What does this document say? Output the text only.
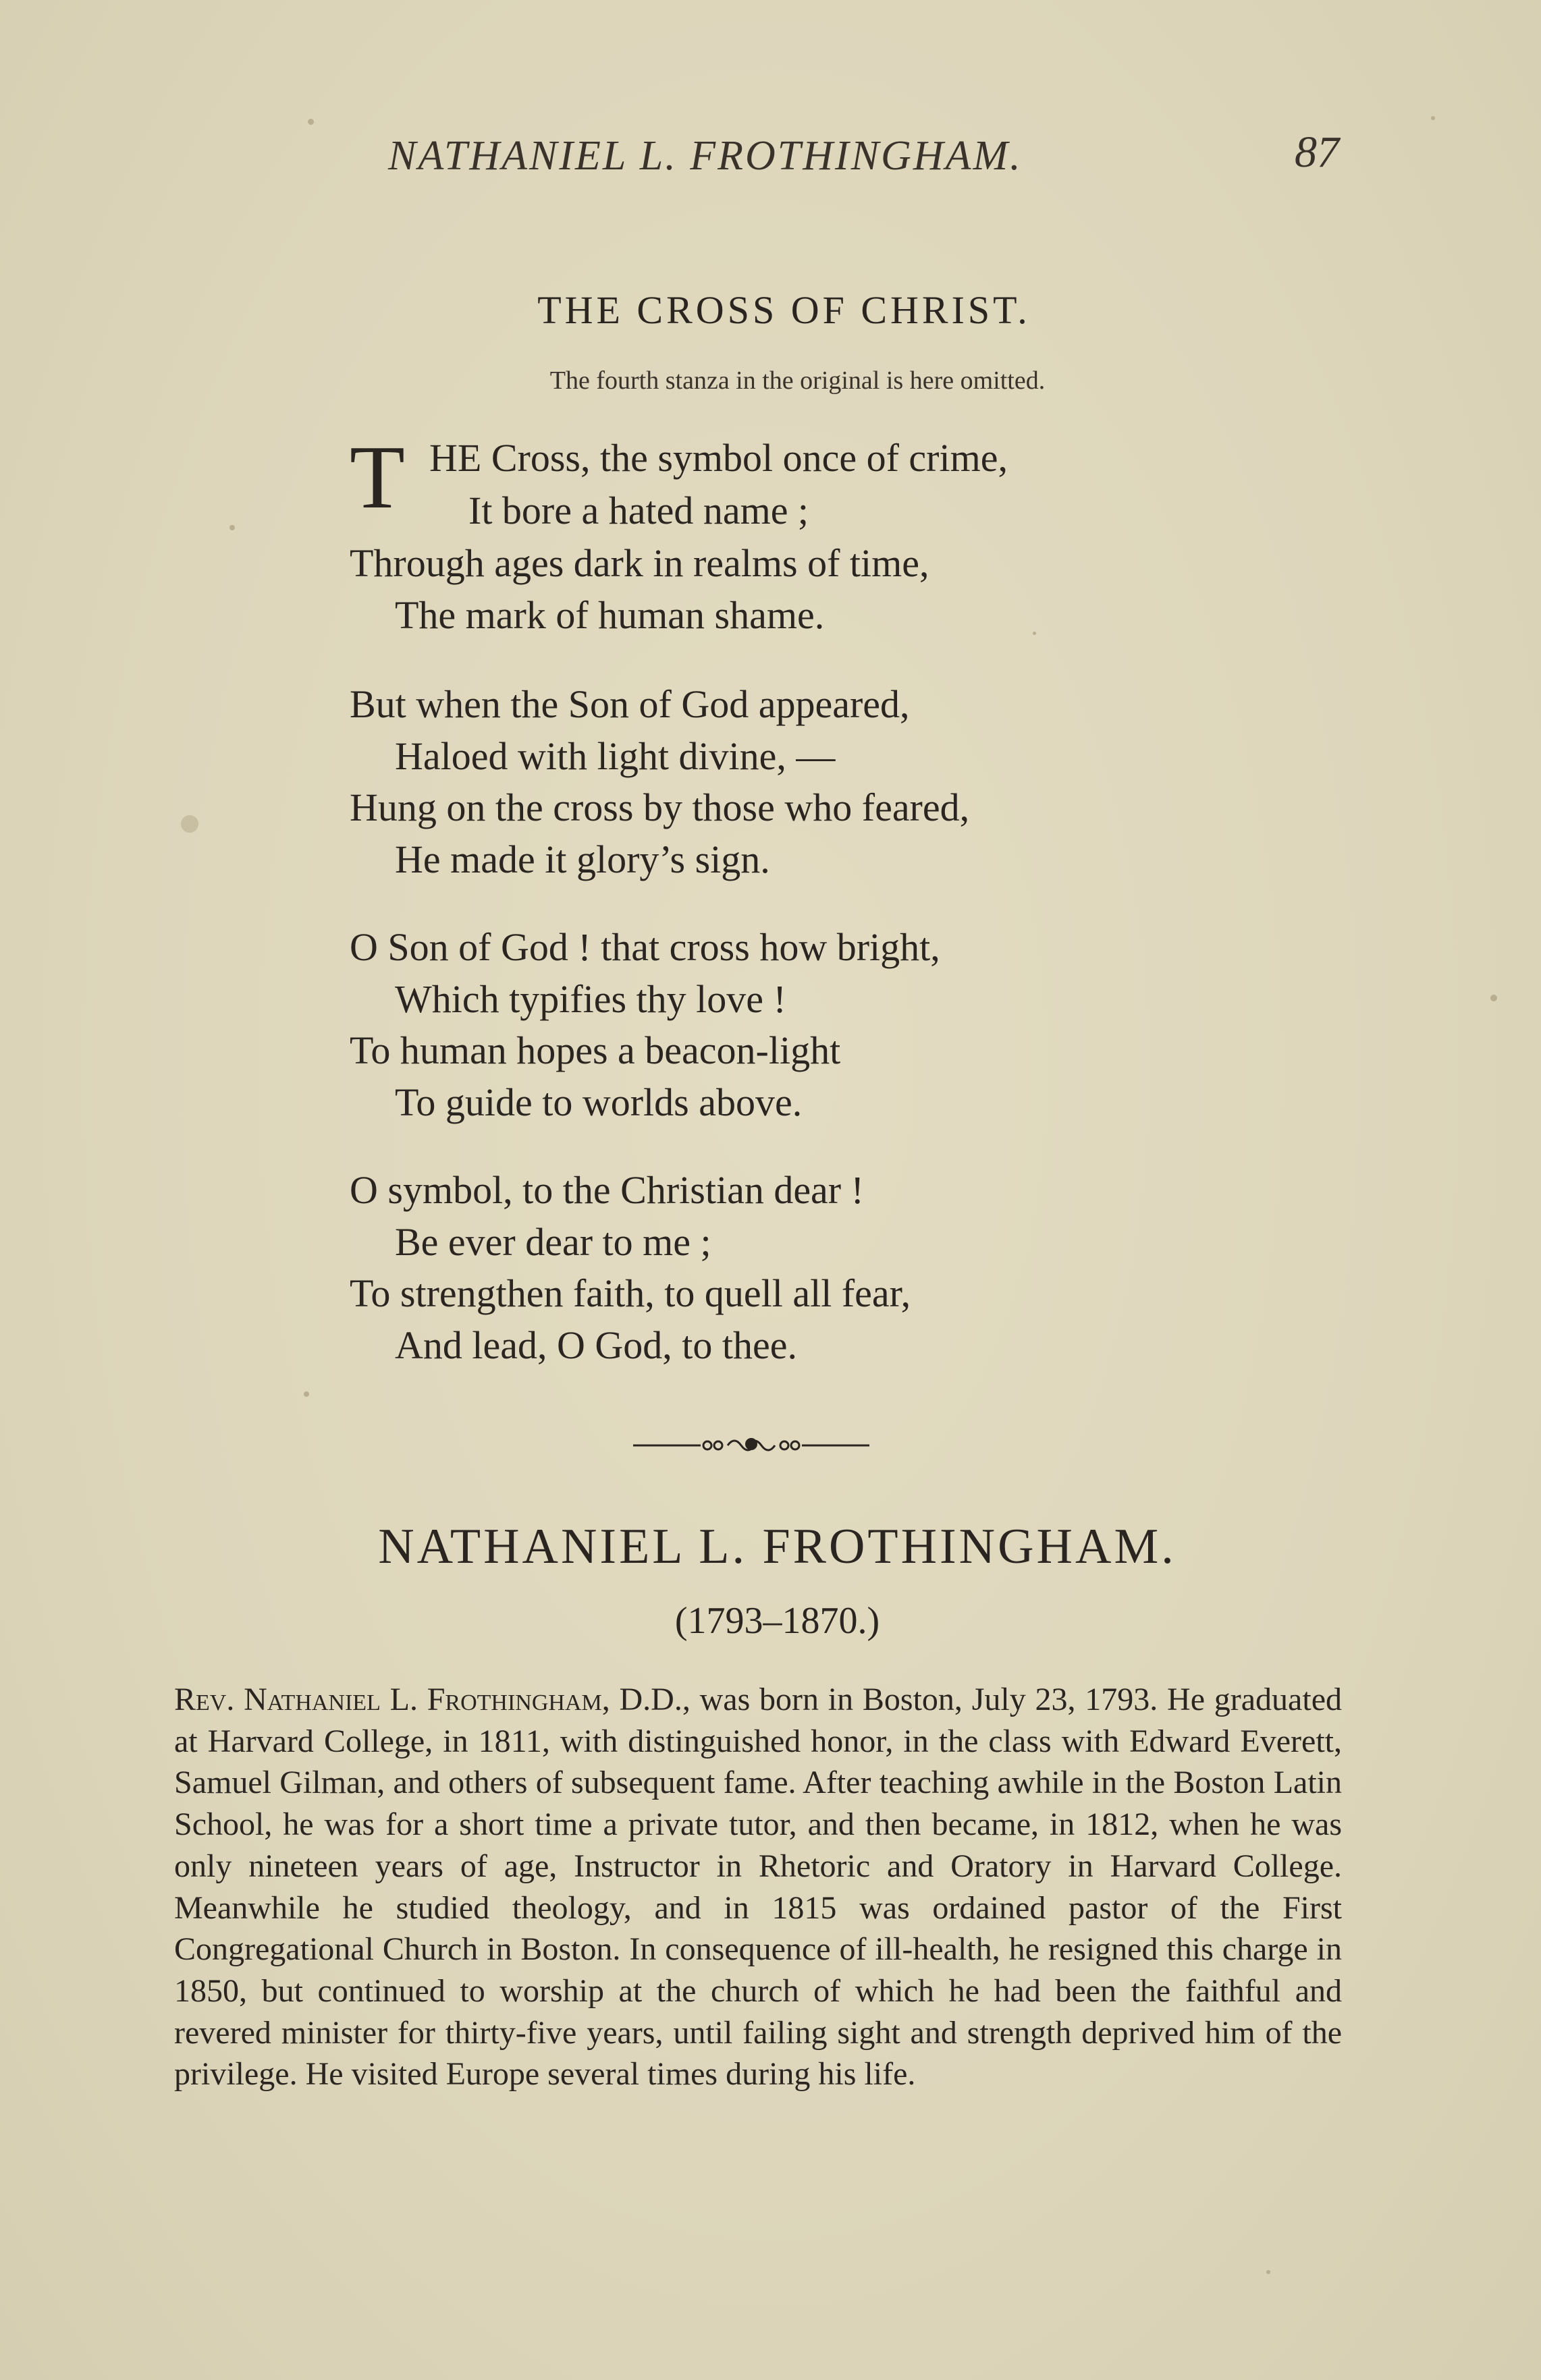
NATHANIEL L. FROTHINGHAM.	87
THE CROSS OF CHRIST.
The fourth stanza in the original is here omitted.
T HE Cross, the symbol once of crime,
It bore a hated name ;
Through ages dark in realms of time,
The mark of human shame.
But when the Son of God appeared,
Haloed with light divine, —
Hung on the cross by those who feared,
He made it glory’s sign.
O Son of God ! that cross how bright,
Which typifies thy love !
To human hopes a beacon-light
To guide to worlds above.
O symbol, to the Christian dear !
Be ever dear to me ;
To strengthen faith, to quell all fear,
And lead, O God, to thee.
NATHANIEL L. FROTHINGHAM.
(1793–1870.)
Rev. Nathaniel L. Frothingham, D.D., was born in Boston, July 23, 1793. He graduated at Harvard College, in 1811, with distinguished honor, in the class with Edward Everett, Samuel Gilman, and others of subsequent fame. After teaching awhile in the Boston Latin School, he was for a short time a private tutor, and then became, in 1812, when he was only nineteen years of age, Instructor in Rhetoric and Oratory in Harvard College. Meanwhile he studied theology, and in 1815 was ordained pastor of the First Congregational Church in Boston. In consequence of ill-health, he resigned this charge in 1850, but continued to worship at the church of which he had been the faithful and revered minister for thirty-five years, until failing sight and strength deprived him of the privilege. He visited Europe several times during his life.
